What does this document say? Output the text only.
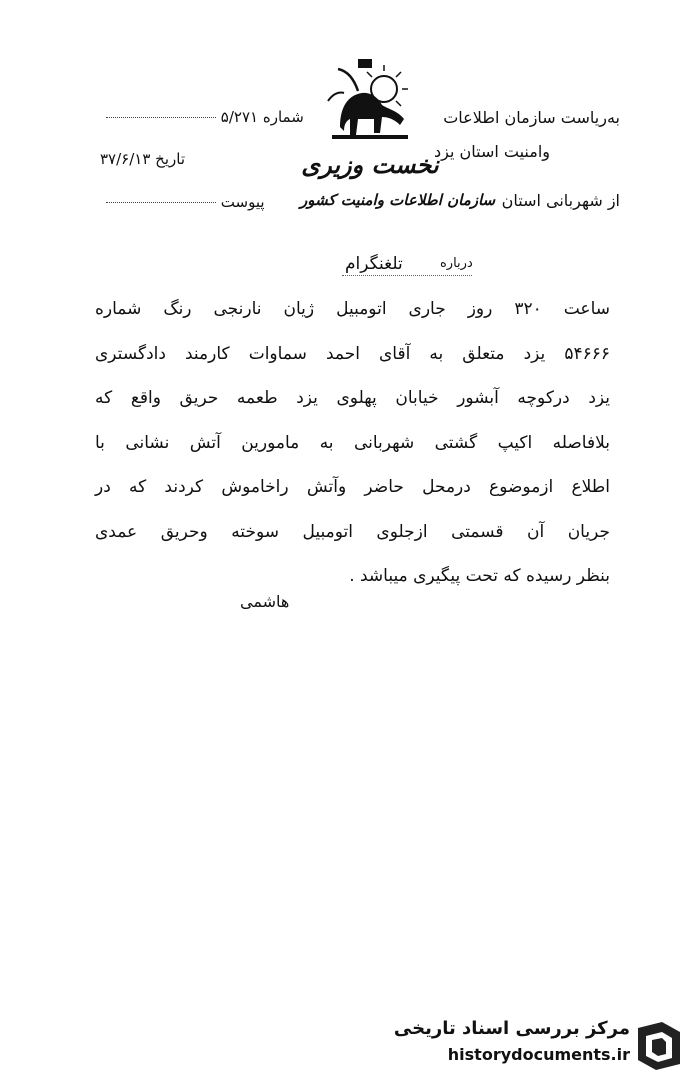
نخست وزیری
به‌ریاست سازمان اطلاعات
وامنیت استان یزد
از شهربانی استان
سازمان اطلاعات وامنیت کشور
شماره ۵/۲۷۱
تاریخ ۳۷/۶/۱۳
پیوست
درباره
تلغنگرام

ساعت ۳۲۰ روز جاری اتومبیل ژیان نارنجی رنگ شماره

۵۴۶۶۶ یزد متعلق به آقای احمد سماوات کارمند دادگستری

یزد درکوچه آبشور خیابان پهلوی یزد طعمه حریق واقع که

بلافاصله اکیپ گشتی شهربانی به مامورین آتش نشانی با

اطلاع ازموضوع درمحل حاضر وآتش راخاموش کردند که در

جریان آن قسمتی ازجلوی اتومبیل سوخته وحریق عمدی

بنظر رسیده که تحت پیگیری میباشد .

هاشمی
مرکز بررسی اسناد تاریخی
historydocuments.ir
